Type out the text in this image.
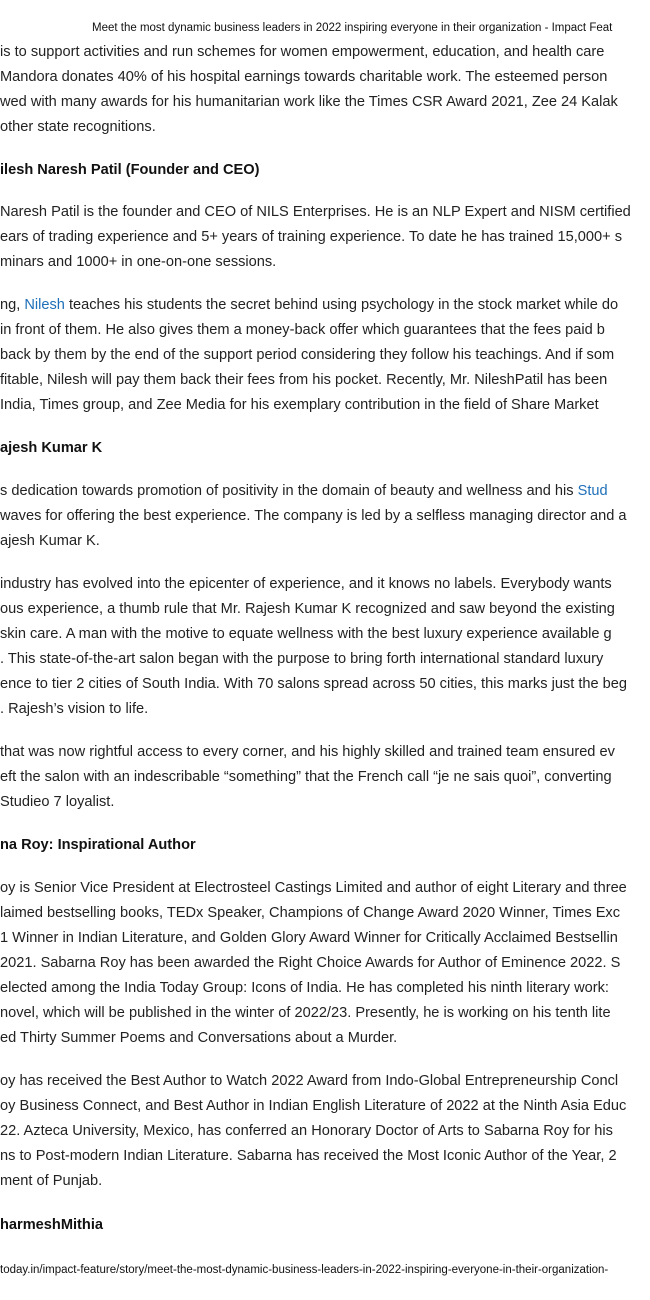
Meet the most dynamic business leaders in 2022 inspiring everyone in their organization - Impact Feat
is to support activities and run schemes for women empowerment, education, and health care
Mandora donates 40% of his hospital earnings towards charitable work. The esteemed person
wed with many awards for his humanitarian work like the Times CSR Award 2021, Zee 24 Kalak
other state recognitions.
ilesh Naresh Patil (Founder and CEO)
Naresh Patil is the founder and CEO of NILS Enterprises. He is an NLP Expert and NISM certified
ears of trading experience and 5+ years of training experience. To date he has trained 15,000+ s
minars and 1000+ in one-on-one sessions.
ng, Nilesh teaches his students the secret behind using psychology in the stock market while do
in front of them. He also gives them a money-back offer which guarantees that the fees paid b
back by them by the end of the support period considering they follow his teachings. And if som
fitable, Nilesh will pay them back their fees from his pocket. Recently, Mr. NileshPatil has been
India, Times group, and Zee Media for his exemplary contribution in the field of Share Market
ajesh Kumar K
s dedication towards promotion of positivity in the domain of beauty and wellness and his Stud
waves for offering the best experience. The company is led by a selfless managing director and a
ajesh Kumar K.
industry has evolved into the epicenter of experience, and it knows no labels. Everybody wants
ous experience, a thumb rule that Mr. Rajesh Kumar K recognized and saw beyond the existing
skin care. A man with the motive to equate wellness with the best luxury experience available g
. This state-of-the-art salon began with the purpose to bring forth international standard luxury
ence to tier 2 cities of South India. With 70 salons spread across 50 cities, this marks just the beg
. Rajesh’s vision to life.
that was now rightful access to every corner, and his highly skilled and trained team ensured ev
eft the salon with an indescribable “something” that the French call “je ne sais quoi”, converting
Studieo 7 loyalist.
na Roy: Inspirational Author
oy is Senior Vice President at Electrosteel Castings Limited and author of eight Literary and three
laimed bestselling books, TEDx Speaker, Champions of Change Award 2020 Winner, Times Exc
1 Winner in Indian Literature, and Golden Glory Award Winner for Critically Acclaimed Bestsellin
2021. Sabarna Roy has been awarded the Right Choice Awards for Author of Eminence 2022. S
elected among the India Today Group: Icons of India. He has completed his ninth literary work:
novel, which will be published in the winter of 2022/23. Presently, he is working on his tenth lite
ed Thirty Summer Poems and Conversations about a Murder.
oy has received the Best Author to Watch 2022 Award from Indo-Global Entrepreneurship Concl
oy Business Connect, and Best Author in Indian English Literature of 2022 at the Ninth Asia Educ
22. Azteca University, Mexico, has conferred an Honorary Doctor of Arts to Sabarna Roy for his
ns to Post-modern Indian Literature. Sabarna has received the Most Iconic Author of the Year, 2
ment of Punjab.
harmeshMithia
today.in/impact-feature/story/meet-the-most-dynamic-business-leaders-in-2022-inspiring-everyone-in-their-organization-
